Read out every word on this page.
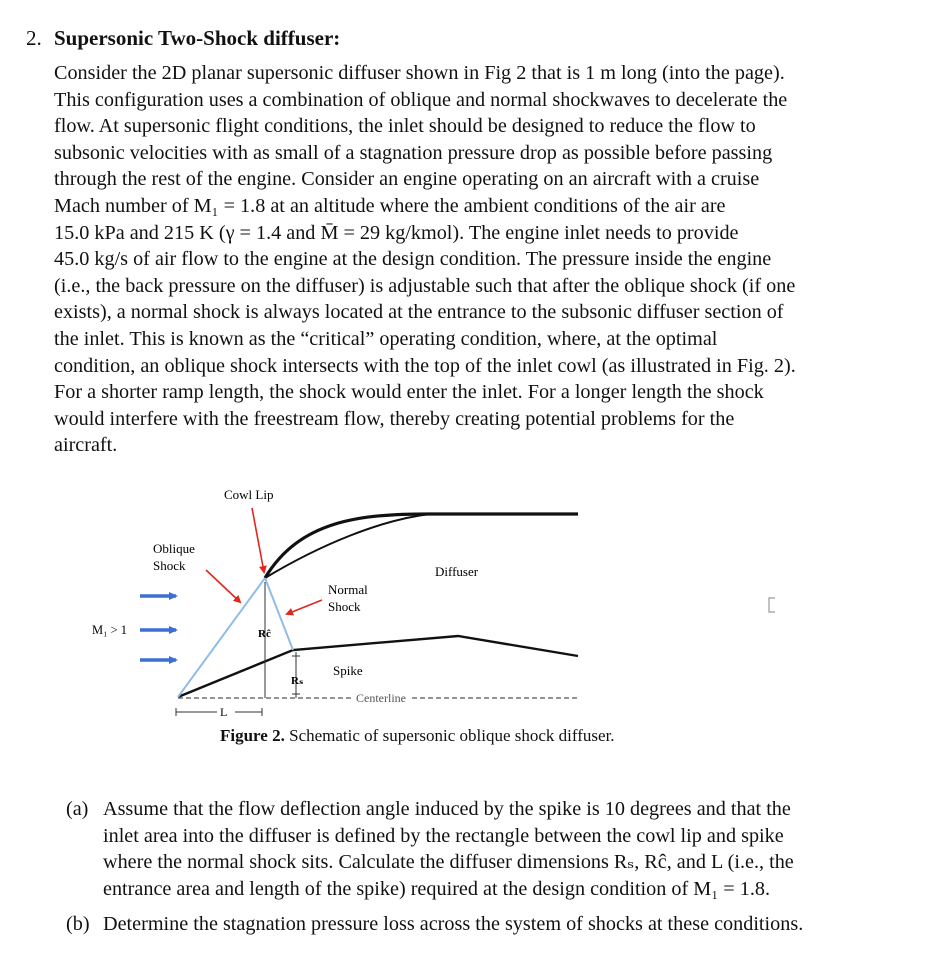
2. Supersonic Two-Shock diffuser:
Consider the 2D planar supersonic diffuser shown in Fig 2 that is 1 m long (into the page).
This configuration uses a combination of oblique and normal shockwaves to decelerate the
flow. At supersonic flight conditions, the inlet should be designed to reduce the flow to
subsonic velocities with as small of a stagnation pressure drop as possible before passing
through the rest of the engine. Consider an engine operating on an aircraft with a cruise
Mach number of M₁ = 1.8 at an altitude where the ambient conditions of the air are
15.0 kPa and 215 K (γ = 1.4 and M̄ = 29 kg/kmol). The engine inlet needs to provide
45.0 kg/s of air flow to the engine at the design condition. The pressure inside the engine
(i.e., the back pressure on the diffuser) is adjustable such that after the oblique shock (if one
exists), a normal shock is always located at the entrance to the subsonic diffuser section of
the inlet. This is known as the “critical” operating condition, where, at the optimal
condition, an oblique shock intersects with the top of the inlet cowl (as illustrated in Fig. 2).
For a shorter ramp length, the shock would enter the inlet. For a longer length the shock
would interfere with the freestream flow, thereby creating potential problems for the
aircraft.
Centerline
L
Cowl Lip
Oblique
Shock
Normal
Shock
Diffuser
Spike
M₁ > 1	Rĉ
Rₛ
Figure 2. Schematic of supersonic oblique shock diffuser.
(a) Assume that the flow deflection angle induced by the spike is 10 degrees and that the
inlet area into the diffuser is defined by the rectangle between the cowl lip and spike
where the normal shock sits. Calculate the diffuser dimensions Rₛ, Rĉ, and L (i.e., the
entrance area and length of the spike) required at the design condition of M₁ = 1.8.
(b) Determine the stagnation pressure loss across the system of shocks at these conditions.
